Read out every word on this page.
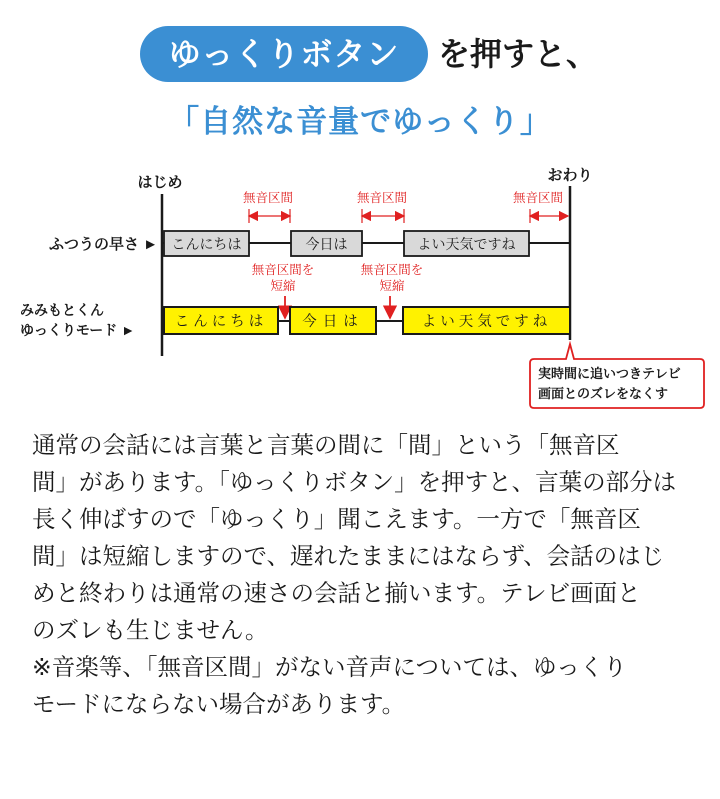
ゆっくりボタン	を押すと、
「自然な音量でゆっくり」
はじめ	おわり
無音区間	無音区間	無音区間
ふつうの早さ ► こんにちは	今日は	よい天気ですね
無音区間を
短縮
無音区間を
短縮
みみもとくん
ゆっくりモード ►	こんにちは 今日は	よい天気ですね
実時間に追いつきテレビ
画面とのズレをなくす

通常の会話には言葉と言葉の間に「間」という「無音区

間」があります。「ゆっくりボタン」を押すと、言葉の部分は

長く伸ばすので「ゆっくり」聞こえます。一方で「無音区

間」は短縮しますので、遅れたままにはならず、会話のはじ

めと終わりは通常の速さの会話と揃います。テレビ画面と

のズレも生じません。

※音楽等、「無音区間」がない音声については、ゆっくり

モードにならない場合があります。
